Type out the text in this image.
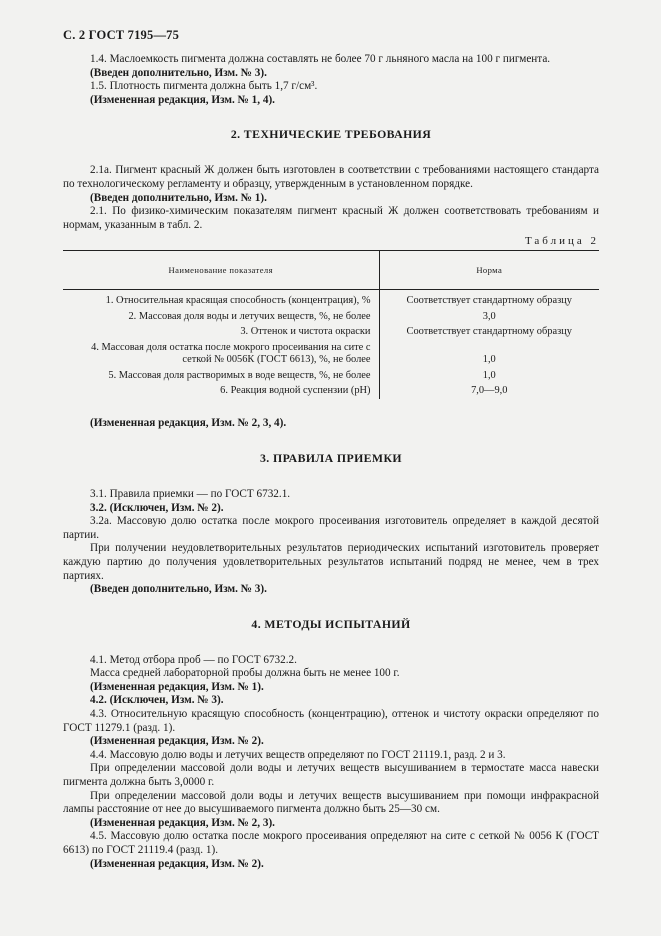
С. 2 ГОСТ 7195—75

1.4. Маслоемкость пигмента должна составлять не более 70 г льняного масла на 100 г пигмента.

(Введен дополнительно, Изм. № 3).

1.5. Плотность пигмента должна быть 1,7 г/см³.

(Измененная редакция, Изм. № 1, 4).

2. ТЕХНИЧЕСКИЕ ТРЕБОВАНИЯ

2.1а. Пигмент красный Ж должен быть изготовлен в соответствии с требованиями настоящего стандарта по технологическому регламенту и образцу, утвержденным в установленном порядке.

(Введен дополнительно, Изм. № 1).

2.1. По физико-химическим показателям пигмент красный Ж должен соответствовать требованиям и нормам, указанным в табл. 2.

Таблица 2
Наименование показателя	Норма
1. Относительная красящая способность (концентрация), %	Соответствует стандартному образцу
2. Массовая доля воды и летучих веществ, %, не более	3,0
3. Оттенок и чистота окраски	Соответствует стандартному образцу
4. Массовая доля остатка после мокрого просеивания на сите с сеткой № 0056К (ГОСТ 6613), %, не более	1,0
5. Массовая доля растворимых в воде веществ, %, не более	1,0
6. Реакция водной суспензии (рН)	7,0—9,0

(Измененная редакция, Изм. № 2, 3, 4).

3. ПРАВИЛА ПРИЕМКИ

3.1. Правила приемки — по ГОСТ 6732.1.

3.2. (Исключен, Изм. № 2).

3.2а. Массовую долю остатка после мокрого просеивания изготовитель определяет в каждой десятой партии.

При получении неудовлетворительных результатов периодических испытаний изготовитель проверяет каждую партию до получения удовлетворительных результатов испытаний подряд не менее, чем в трех партиях.

(Введен дополнительно, Изм. № 3).

4. МЕТОДЫ ИСПЫТАНИЙ

4.1. Метод отбора проб — по ГОСТ 6732.2.

Масса средней лабораторной пробы должна быть не менее 100 г.

(Измененная редакция, Изм. № 1).

4.2. (Исключен, Изм. № 3).

4.3. Относительную красящую способность (концентрацию), оттенок и чистоту окраски определяют по ГОСТ 11279.1 (разд. 1).

(Измененная редакция, Изм. № 2).

4.4. Массовую долю воды и летучих веществ определяют по ГОСТ 21119.1, разд. 2 и 3.

При определении массовой доли воды и летучих веществ высушиванием в термостате масса навески пигмента должна быть 3,0000 г.

При определении массовой доли воды и летучих веществ высушиванием при помощи инфракрасной лампы расстояние от нее до высушиваемого пигмента должно быть 25—30 см.

(Измененная редакция, Изм. № 2, 3).

4.5. Массовую долю остатка после мокрого просеивания определяют на сите с сеткой № 0056 К (ГОСТ 6613) по ГОСТ 21119.4 (разд. 1).

(Измененная редакция, Изм. № 2).
